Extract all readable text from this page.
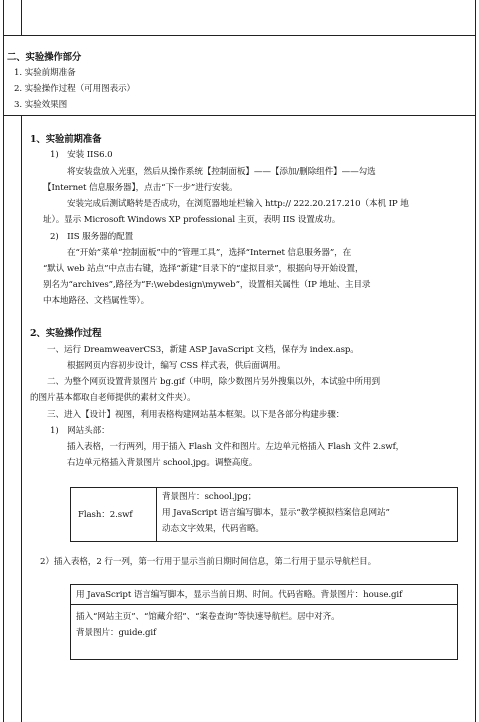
二、实验操作部分
1. 实验前期准备
2. 实验操作过程（可用图表示）
3. 实验效果图
1、实验前期准备
1)　安装 IIS6.0
将安装盘放入光驱，然后从操作系统【控制面板】——【添加/删除组件】——勾选
【Internet 信息服务器】，点击“下一步”进行安装。
安装完成后测试略转是否成功，在浏览器地址栏输入 http:// 222.20.217.210（本机 IP 地
址）。显示 Microsoft Windows XP professional 主页，表明 IIS 设置成功。
2)　IIS 服务器的配置
在“开始”菜单“控制面板”中的“管理工具”，选择“Internet 信息服务器”，在
“默认 web 站点”中点击右键，选择“新建”目录下的“虚拟目录”，根据向导开始设置，
别名为“archives”,路径为“F:\webdesign\myweb”，设置相关属性（IP 地址、主目录
中本地路径、文档属性等）。
2、实验操作过程
一、运行 DreamweaverCS3，新建 ASP JavaScript 文档，保存为 index.asp。
根据网页内容初步设计，编写 CSS 样式表，供后面调用。
二、为整个网页设置背景图片 bg.gif（申明，除少数图片另外搜集以外，本试验中所用到
的图片基本都取自老师提供的素材文件夹）。
三、进入【设计】视图，利用表格构建网站基本框架。以下是各部分构建步骤：
1)　网站头部：
插入表格，一行两列，用于插入 Flash 文件和图片。左边单元格插入 Flash 文件 2.swf，
右边单元格插入背景图片 school.jpg。调整高度。
Flash：2.swf
背景图片：school.jpg；
用 JavaScript 语言编写脚本，显示“教学模拟档案信息网站”
动态文字效果，代码省略。
2）插入表格，2 行一列，第一行用于显示当前日期时间信息，第二行用于显示导航栏目。
用 JavaScript 语言编写脚本，显示当前日期、时间。代码省略。背景图片：house.gif
插入“网站主页”、“馆藏介绍”、“案卷查询”等快速导航栏。居中对齐。
背景图片：guide.gif
